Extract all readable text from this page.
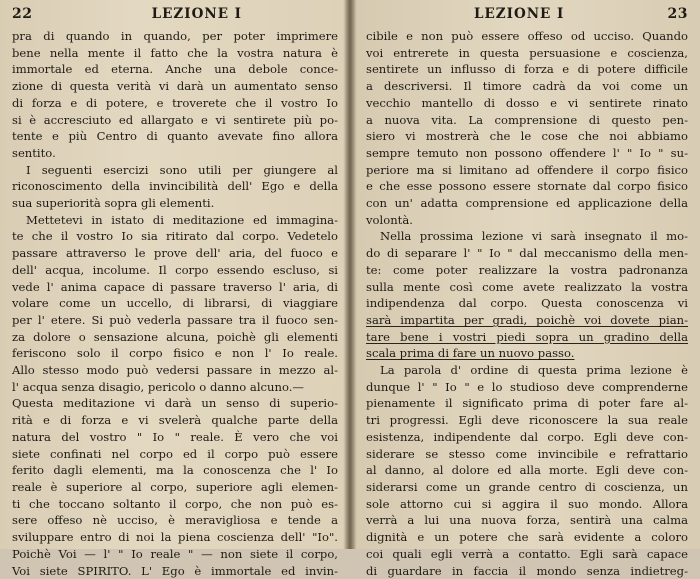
22	LEZIONE I
pra di quando in quando, per poter imprimere
bene nella mente il fatto che la vostra natura è
immortale ed eterna. Anche una debole conce-
zione di questa verità vi darà un aumentato senso
di forza e di potere, e troverete che il vostro Io
si è accresciuto ed allargato e vi sentirete più po-
tente e più Centro di quanto avevate fino allora
sentito.
I seguenti esercizi sono utili per giungere al
riconoscimento della invincibilità dell' Ego e della
sua superiorità sopra gli elementi.
Mettetevi in istato di meditazione ed immagina-
te che il vostro Io sia ritirato dal corpo. Vedetelo
passare attraverso le prove dell' aria, del fuoco e
dell' acqua, incolume. Il corpo essendo escluso, si
vede l' anima capace di passare traverso l' aria, di
volare come un uccello, di librarsi, di viaggiare
per l' etere. Si può vederla passare tra il fuoco sen-
za dolore o sensazione alcuna, poichè gli elementi
feriscono solo il corpo fisico e non l' Io reale.
Allo stesso modo può vedersi passare in mezzo al-
l' acqua senza disagio, pericolo o danno alcuno.—
Questa meditazione vi darà un senso di superio-
rità e di forza e vi svelerà qualche parte della
natura del vostro " Io " reale. È vero che voi
siete confinati nel corpo ed il corpo può essere
ferito dagli elementi, ma la conoscenza che l' Io
reale è superiore al corpo, superiore agli elemen-
ti che toccano soltanto il corpo, che non può es-
sere offeso nè ucciso, è meravigliosa e tende a
sviluppare entro di noi la piena coscienza dell' "Io".
Poichè Voi — l' " Io reale " — non siete il corpo,
Voi siete SPIRITO. L' Ego è immortale ed invin-
LEZIONE I	23
cibile e non può essere offeso od ucciso. Quando
voi entrerete in questa persuasione e coscienza,
sentirete un influsso di forza e di potere difficile
a descriversi. Il timore cadrà da voi come un
vecchio mantello di dosso e vi sentirete rinato
a nuova vita. La comprensione di questo pen-
siero vi mostrerà che le cose che noi abbiamo
sempre temuto non possono offendere l' " Io " su-
periore ma si limitano ad offendere il corpo fisico
e che esse possono essere stornate dal corpo fisico
con un' adatta comprensione ed applicazione della
volontà.
Nella prossima lezione vi sarà insegnato il mo-
do di separare l' " Io " dal meccanismo della men-
te: come poter realizzare la vostra padronanza
sulla mente così come avete realizzato la vostra
indipendenza dal corpo. Questa conoscenza vi
sarà impartita per gradi, poichè voi dovete pian-
tare bene i vostri piedi sopra un gradino della
scala prima di fare un nuovo passo.
La parola d' ordine di questa prima lezione è
dunque l' " Io " e lo studioso deve comprenderne
pienamente il significato prima di poter fare al-
tri progressi. Egli deve riconoscere la sua reale
esistenza, indipendente dal corpo. Egli deve con-
siderare se stesso come invincibile e refrattario
al danno, al dolore ed alla morte. Egli deve con-
siderarsi come un grande centro di coscienza, un
sole attorno cui si aggira il suo mondo. Allora
verrà a lui una nuova forza, sentirà una calma
dignità e un potere che sarà evidente a coloro
coi quali egli verrà a contatto. Egli sarà capace
di guardare in faccia il mondo senza indietreg-
